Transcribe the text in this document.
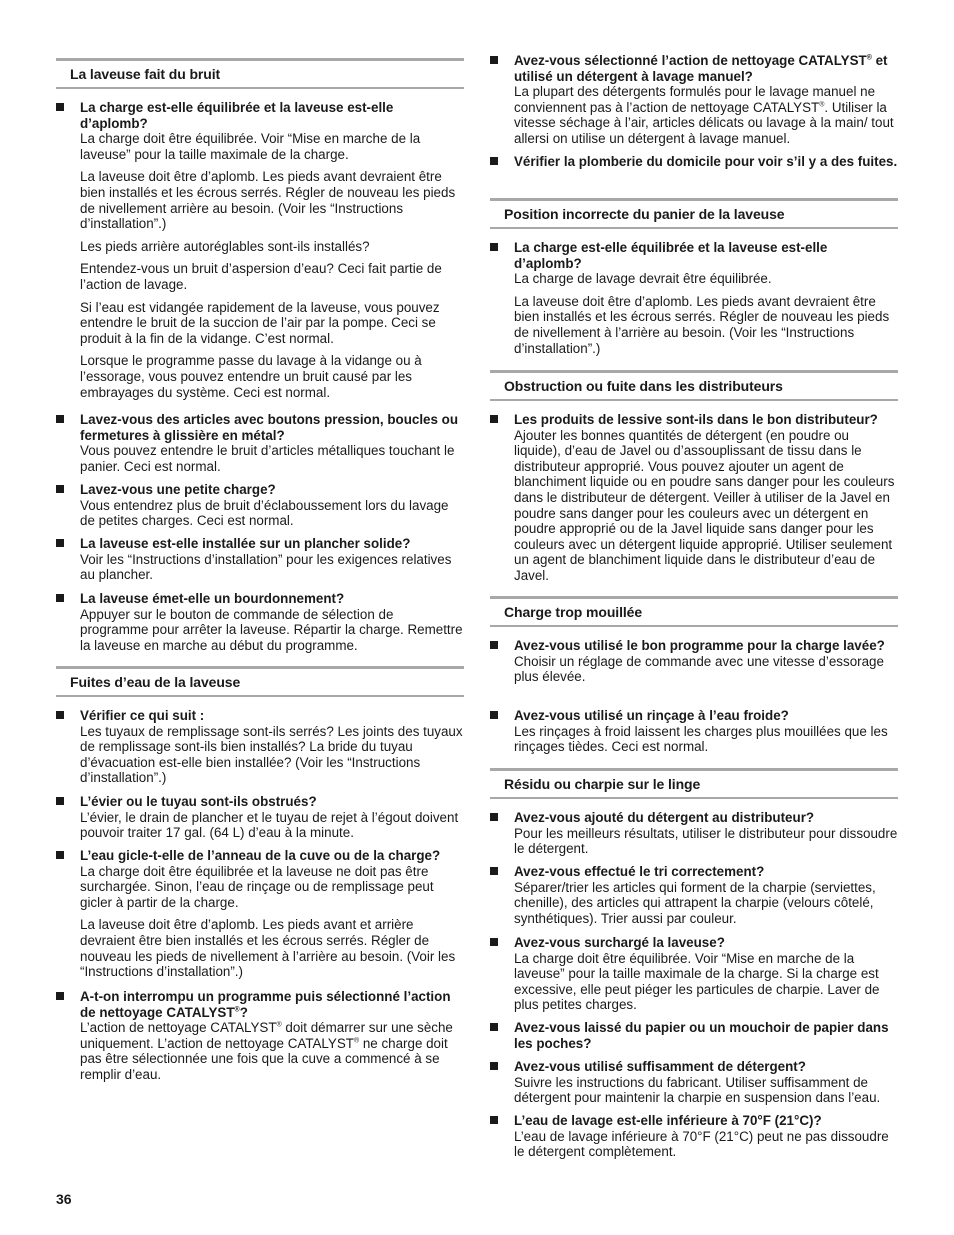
La laveuse fait du bruit
La charge est-elle équilibrée et la laveuse est-elle d’aplomb?

La charge doit être équilibrée. Voir “Mise en marche de la laveuse” pour la taille maximale de la charge.

La laveuse doit être d’aplomb. Les pieds avant devraient être bien installés et les écrous serrés. Régler de nouveau les pieds de nivellement arrière au besoin. (Voir les “Instructions d’installation”.)

Les pieds arrière autoréglables sont-ils installés?

Entendez-vous un bruit d’aspersion d’eau? Ceci fait partie de l’action de lavage.

Si l’eau est vidangée rapidement de la laveuse, vous pouvez entendre le bruit de la succion de l’air par la pompe. Ceci se produit à la fin de la vidange. C’est normal.

Lorsque le programme passe du lavage à la vidange ou à l’essorage, vous pouvez entendre un bruit causé par les embrayages du système. Ceci est normal.

Lavez-vous des articles avec boutons pression, boucles ou fermetures à glissière en métal?

Vous pouvez entendre le bruit d’articles métalliques touchant le panier. Ceci est normal.

Lavez-vous une petite charge?

Vous entendrez plus de bruit d’éclaboussement lors du lavage de petites charges. Ceci est normal.

La laveuse est-elle installée sur un plancher solide?

Voir les “Instructions d’installation” pour les exigences relatives au plancher.

La laveuse émet-elle un bourdonnement?

Appuyer sur le bouton de commande de sélection de programme pour arrêter la laveuse. Répartir la charge. Remettre la laveuse en marche au début du programme.

Fuites d’eau de la laveuse
Vérifier ce qui suit :

Les tuyaux de remplissage sont-ils serrés? Les joints des tuyaux de remplissage sont-ils bien installés? La bride du tuyau d’évacuation est-elle bien installée? (Voir les “Instructions d’installation”.)

L’évier ou le tuyau sont-ils obstrués?

L’évier, le drain de plancher et le tuyau de rejet à l’égout doivent pouvoir traiter 17 gal. (64 L) d’eau à la minute.

L’eau gicle-t-elle de l’anneau de la cuve ou de la charge?

La charge doit être équilibrée et la laveuse ne doit pas être surchargée. Sinon, l’eau de rinçage ou de remplissage peut gicler à partir de la charge.

La laveuse doit être d’aplomb. Les pieds avant et arrière devraient être bien installés et les écrous serrés. Régler de nouveau les pieds de nivellement à l’arrière au besoin. (Voir les “Instructions d’installation”.)

A-t-on interrompu un programme puis sélectionné l’action de nettoyage CATALYST®?

L’action de nettoyage CATALYST® doit démarrer sur une sèche uniquement. L’action de nettoyage CATALYST® ne charge doit pas être sélectionnée une fois que la cuve a commencé à se remplir d’eau.

Avez-vous sélectionné l’action de nettoyage CATALYST® et utilisé un détergent à lavage manuel?

La plupart des détergents formulés pour le lavage manuel ne conviennent pas à l’action de nettoyage CATALYST®. Utiliser la vitesse séchage à l’air, articles délicats ou lavage à la main/ tout allersi on utilise un détergent à lavage manuel.

Vérifier la plomberie du domicile pour voir s’il y a des fuites.
Position incorrecte du panier de la laveuse
La charge est-elle équilibrée et la laveuse est-elle d’aplomb?

La charge de lavage devrait être équilibrée.

La laveuse doit être d’aplomb. Les pieds avant devraient être bien installés et les écrous serrés. Régler de nouveau les pieds de nivellement à l’arrière au besoin. (Voir les “Instructions d’installation”.)

Obstruction ou fuite dans les distributeurs
Les produits de lessive sont-ils dans le bon distributeur?

Ajouter les bonnes quantités de détergent (en poudre ou liquide), d’eau de Javel ou d’assouplissant de tissu dans le distributeur approprié. Vous pouvez ajouter un agent de blanchiment liquide ou en poudre sans danger pour les couleurs dans le distributeur de détergent. Veiller à utiliser de la Javel en poudre sans danger pour les couleurs avec un détergent en poudre approprié ou de la Javel liquide sans danger pour les couleurs avec un détergent liquide approprié. Utiliser seulement un agent de blanchiment liquide dans le distributeur d’eau de Javel.

Charge trop mouillée
Avez-vous utilisé le bon programme pour la charge lavée?

Choisir un réglage de commande avec une vitesse d’essorage plus élevée.

Avez-vous utilisé un rinçage à l’eau froide?

Les rinçages à froid laissent les charges plus mouillées que les rinçages tièdes. Ceci est normal.

Résidu ou charpie sur le linge
Avez-vous ajouté du détergent au distributeur?

Pour les meilleurs résultats, utiliser le distributeur pour dissoudre le détergent.

Avez-vous effectué le tri correctement?

Séparer/trier les articles qui forment de la charpie (serviettes, chenille), des articles qui attrapent la charpie (velours côtelé, synthétiques). Trier aussi par couleur.

Avez-vous surchargé la laveuse?

La charge doit être équilibrée. Voir “Mise en marche de la laveuse” pour la taille maximale de la charge. Si la charge est excessive, elle peut piéger les particules de charpie. Laver de plus petites charges.

Avez-vous laissé du papier ou un mouchoir de papier dans les poches?
Avez-vous utilisé suffisamment de détergent?

Suivre les instructions du fabricant. Utiliser suffisamment de détergent pour maintenir la charpie en suspension dans l’eau.

L’eau de lavage est-elle inférieure à 70°F (21°C)?

L’eau de lavage inférieure à 70°F (21°C) peut ne pas dissoudre le détergent complètement.

36
